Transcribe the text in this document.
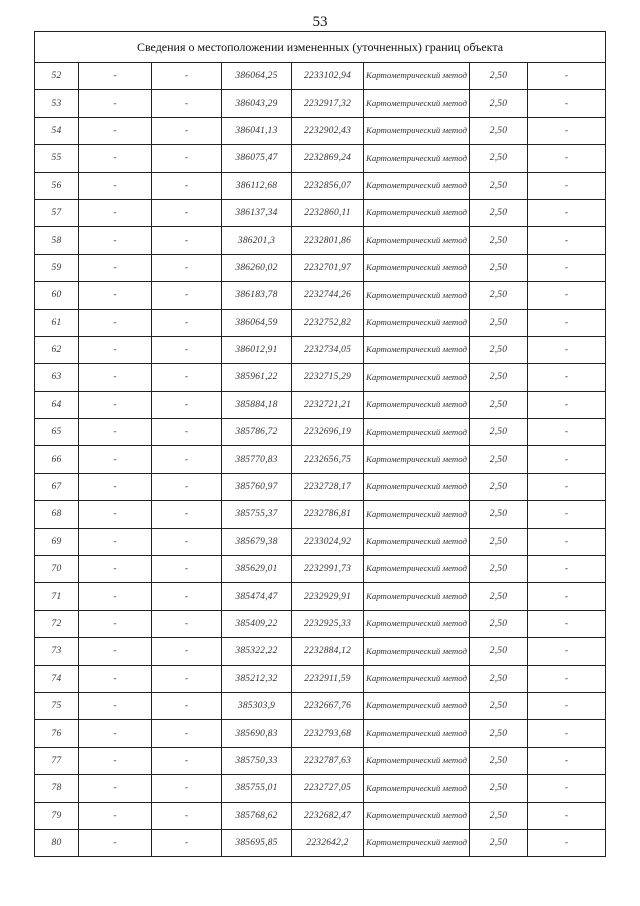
53
Сведения о местоположении измененных (уточненных) границ объекта							
52	-	-	386064,25	2233102,94	Картометрический метод	2,50	-
53	-	-	386043,29	2232917,32	Картометрический метод	2,50	-
54	-	-	386041,13	2232902,43	Картометрический метод	2,50	-
55	-	-	386075,47	2232869,24	Картометрический метод	2,50	-
56	-	-	386112,68	2232856,07	Картометрический метод	2,50	-
57	-	-	386137,34	2232860,11	Картометрический метод	2,50	-
58	-	-	386201,3	2232801,86	Картометрический метод	2,50	-
59	-	-	386260,02	2232701,97	Картометрический метод	2,50	-
60	-	-	386183,78	2232744,26	Картометрический метод	2,50	-
61	-	-	386064,59	2232752,82	Картометрический метод	2,50	-
62	-	-	386012,91	2232734,05	Картометрический метод	2,50	-
63	-	-	385961,22	2232715,29	Картометрический метод	2,50	-
64	-	-	385884,18	2232721,21	Картометрический метод	2,50	-
65	-	-	385786,72	2232696,19	Картометрический метод	2,50	-
66	-	-	385770,83	2232656,75	Картометрический метод	2,50	-
67	-	-	385760,97	2232728,17	Картометрический метод	2,50	-
68	-	-	385755,37	2232786,81	Картометрический метод	2,50	-
69	-	-	385679,38	2233024,92	Картометрический метод	2,50	-
70	-	-	385629,01	2232991,73	Картометрический метод	2,50	-
71	-	-	385474,47	2232929,91	Картометрический метод	2,50	-
72	-	-	385409,22	2232925,33	Картометрический метод	2,50	-
73	-	-	385322,22	2232884,12	Картометрический метод	2,50	-
74	-	-	385212,32	2232911,59	Картометрический метод	2,50	-
75	-	-	385303,9	2232667,76	Картометрический метод	2,50	-
76	-	-	385690,83	2232793,68	Картометрический метод	2,50	-
77	-	-	385750,33	2232787,63	Картометрический метод	2,50	-
78	-	-	385755,01	2232727,05	Картометрический метод	2,50	-
79	-	-	385768,62	2232682,47	Картометрический метод	2,50	-
80	-	-	385695,85	2232642,2	Картометрический метод	2,50	-
